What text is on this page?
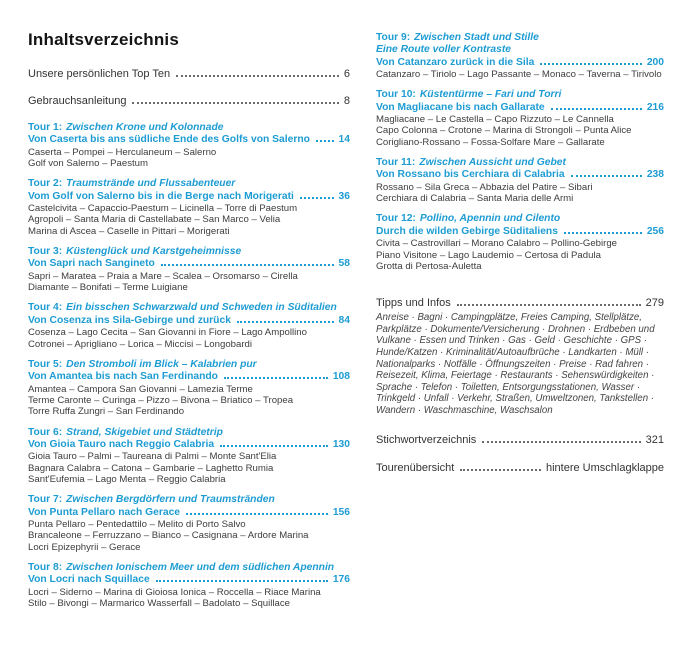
Inhaltsverzeichnis
Unsere persönlichen Top Ten	6
Gebrauchsanleitung	8
Tour 1: Zwischen Krone und Kolonnade
Von Caserta bis ans südliche Ende des Golfs von Salerno	14
Caserta – Pompei – Herculaneum – Salerno
Golf von Salerno – Paestum
Tour 2: Traumstrände und Flussabenteuer
Vom Golf von Salerno bis in die Berge nach Morigerati	36
Castelcivita – Capaccio-Paestum – Licinella – Torre di Paestum
Agropoli – Santa Maria di Castellabate – San Marco – Velia
Marina di Ascea – Caselle in Pittari – Morigerati
Tour 3: Küstenglück und Karstgeheimnisse
Von Sapri nach Sangineto	58
Sapri – Maratea – Praia a Mare – Scalea – Orsomarso – Cirella
Diamante – Bonifati – Terme Luigiane
Tour 4: Ein bisschen Schwarzwald und Schweden in Süditalien
Von Cosenza ins Sila-Gebirge und zurück	84
Cosenza – Lago Cecita – San Giovanni in Fiore – Lago Ampollino
Cotronei – Aprigliano – Lorica – Miccisi – Longobardi
Tour 5: Den Stromboli im Blick – Kalabrien pur
Von Amantea bis nach San Ferdinando	108
Amantea – Campora San Giovanni – Lamezia Terme
Terme Caronte – Curinga – Pizzo – Bivona – Briatico – Tropea
Torre Ruffa Zungri – San Ferdinando
Tour 6: Strand, Skigebiet und Städtetrip
Von Gioia Tauro nach Reggio Calabria	130
Gioia Tauro – Palmi – Taureana di Palmi – Monte Sant'Elia
Bagnara Calabra – Catona – Gambarie – Laghetto Rumia
Sant'Eufemia – Lago Menta – Reggio Calabria
Tour 7: Zwischen Bergdörfern und Traumstränden
Von Punta Pellaro nach Gerace	156
Punta Pellaro – Pentedattilo – Melito di Porto Salvo
Brancaleone – Ferruzzano – Bianco – Casignana – Ardore Marina
Locri Epizephyrii – Gerace
Tour 8: Zwischen Ionischem Meer und dem südlichen Apennin
Von Locri nach Squillace	176
Locri – Siderno – Marina di Gioiosa Ionica – Roccella – Riace Marina
Stilo – Bivongi – Marmarico Wasserfall – Badolato – Squillace
Tour 9: Zwischen Stadt und Stille
Eine Route voller Kontraste
Von Catanzaro zurück in die Sila	200
Catanzaro – Tiriolo – Lago Passante – Monaco – Taverna – Tirivolo
Tour 10: Küstentürme – Fari und Torri
Von Magliacane bis nach Gallarate	216
Magliacane – Le Castella – Capo Rizzuto – Le Cannella
Capo Colonna – Crotone – Marina di Strongoli – Punta Alice
Corigliano-Rossano – Fossa-Solfare Mare – Gallarate
Tour 11: Zwischen Aussicht und Gebet
Von Rossano bis Cerchiara di Calabria	238
Rossano – Sila Greca – Abbazia del Patire – Sibari
Cerchiara di Calabria – Santa Maria delle Armi
Tour 12: Pollino, Apennin und Cilento
Durch die wilden Gebirge Süditaliens	256
Civita – Castrovillari – Morano Calabro – Pollino-Gebirge
Piano Visitone – Lago Laudemio – Certosa di Padula
Grotta di Pertosa-Auletta
Tipps und Infos	279
Anreise · Bagni · Campingplätze, Freies Camping, Stellplätze, Parkplätze · Dokumente/Versicherung · Drohnen · Erdbeben und Vulkane · Essen und Trinken · Gas · Geld · Geschichte · GPS · Hunde/Katzen · Kriminalität/Autoaufbrüche · Landkarten · Müll · Nationalparks · Notfälle · Öffnungszeiten · Preise · Rad fahren · Reisezeit, Klima, Feiertage · Restaurants · Sehenswürdigkeiten · Sprache · Telefon · Toiletten, Entsorgungsstationen, Wasser · Trinkgeld · Unfall · Verkehr, Straßen, Umweltzonen, Tankstellen · Wandern · Waschmaschine, Waschsalon
Stichwortverzeichnis	321
Tourenübersicht	hintere Umschlagklappe
